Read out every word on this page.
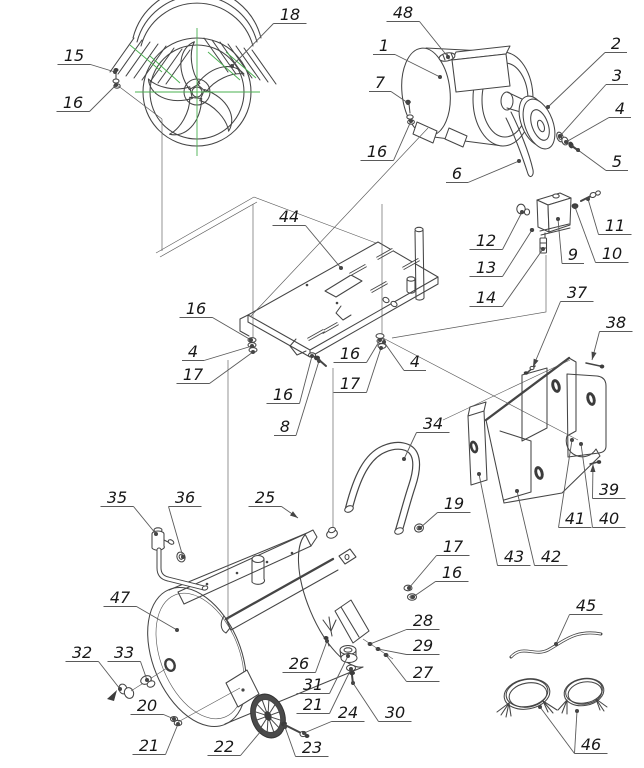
18	48
1	2
3
4
5
7
16
6
15
16
12
9 10
11
13
14
44
37
38
16
4
17
16
17
4
16
8	34
25	19
35	36
47
17
16
39
41 40
43 42
28
29
27
26
31
21	30
24
23
22
20
21
32 33
45
46
